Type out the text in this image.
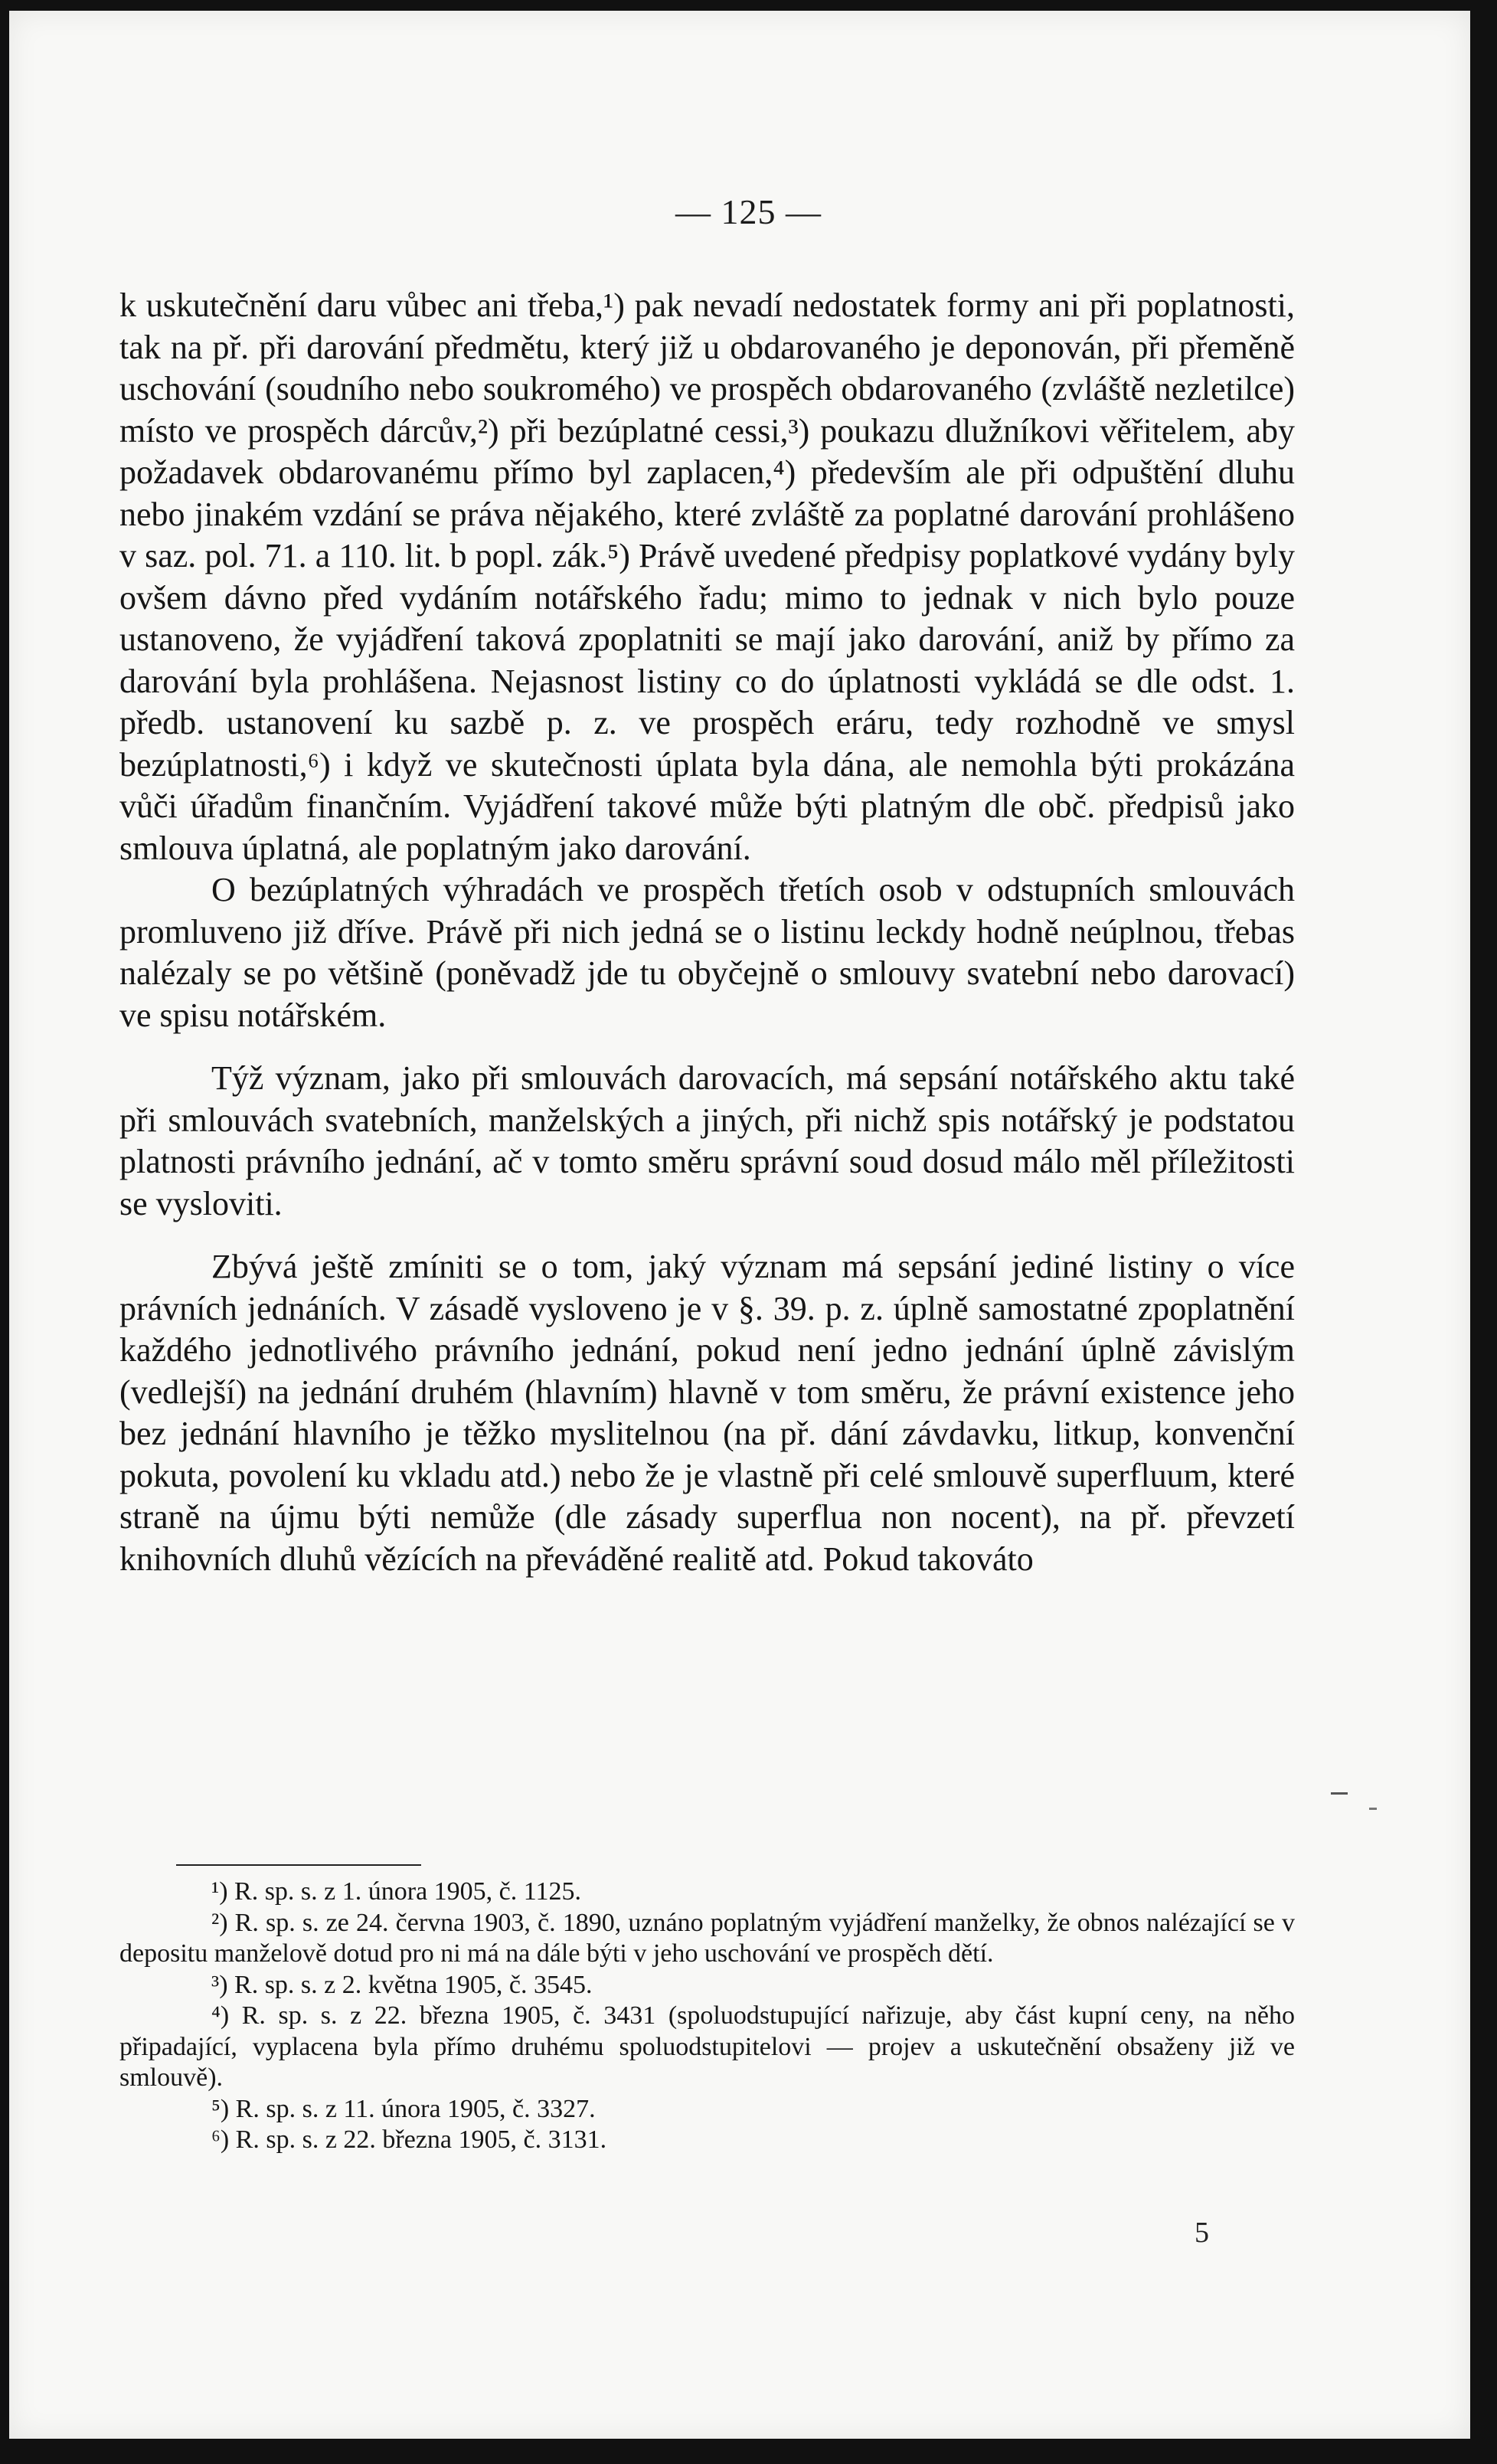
— 125 —

k uskutečnění daru vůbec ani třeba,¹) pak nevadí nedostatek formy ani při poplatnosti, tak na př. při darování předmětu, který již u obdarovaného je deponován, při přeměně uschování (soudního nebo soukromého) ve prospěch obdarovaného (zvláště nezletilce) místo ve prospěch dárcův,²) při bezúplatné cessi,³) poukazu dlužníkovi věřitelem, aby požadavek obdarovanému přímo byl zaplacen,⁴) především ale při odpuštění dluhu nebo jinakém vzdání se práva nějakého, které zvláště za poplatné darování prohlášeno v saz. pol. 71. a 110. lit. b popl. zák.⁵) Právě uvedené předpisy poplatkové vydány byly ovšem dávno před vydáním notářského řadu; mimo to jednak v nich bylo pouze ustanoveno, že vyjádření taková zpoplatniti se mají jako darování, aniž by přímo za darování byla prohlášena. Nejasnost listiny co do úplatnosti vykládá se dle odst. 1. předb. ustanovení ku sazbě p. z. ve prospěch eráru, tedy rozhodně ve smysl bezúplatnosti,⁶) i když ve skutečnosti úplata byla dána, ale nemohla býti prokázána vůči úřadům finančním. Vyjádření takové může býti platným dle obč. předpisů jako smlouva úplatná, ale poplatným jako darování.

O bezúplatných výhradách ve prospěch třetích osob v odstupních smlouvách promluveno již dříve. Právě při nich jedná se o listinu leckdy hodně neúplnou, třebas nalézaly se po většině (poněvadž jde tu obyčejně o smlouvy svatební nebo darovací) ve spisu notářském.

Týž význam, jako při smlouvách darovacích, má sepsání notářského aktu také při smlouvách svatebních, manželských a jiných, při nichž spis notářský je podstatou platnosti právního jednání, ač v tomto směru správní soud dosud málo měl příležitosti se vysloviti.

Zbývá ještě zmíniti se o tom, jaký význam má sepsání jediné listiny o více právních jednáních. V zásadě vysloveno je v §. 39. p. z. úplně samostatné zpoplatnění každého jednotlivého právního jednání, pokud není jedno jednání úplně závislým (vedlejší) na jednání druhém (hlavním) hlavně v tom směru, že právní existence jeho bez jednání hlavního je těžko myslitelnou (na př. dání závdavku, litkup, konvenční pokuta, povolení ku vkladu atd.) nebo že je vlastně při celé smlouvě superfluum, které straně na újmu býti nemůže (dle zásady superflua non nocent), na př. převzetí knihovních dluhů vězících na převáděné realitě atd. Pokud takováto

¹) R. sp. s. z 1. února 1905, č. 1125.

²) R. sp. s. ze 24. června 1903, č. 1890, uznáno poplatným vyjádření manželky, že obnos nalézající se v depositu manželově dotud pro ni má na dále býti v jeho uschování ve prospěch dětí.

³) R. sp. s. z 2. května 1905, č. 3545.

⁴) R. sp. s. z 22. března 1905, č. 3431 (spoluodstupující nařizuje, aby část kupní ceny, na něho připadající, vyplacena byla přímo druhému spoluodstupitelovi — projev a uskutečnění obsaženy již ve smlouvě).

⁵) R. sp. s. z 11. února 1905, č. 3327.

⁶) R. sp. s. z 22. března 1905, č. 3131.

5
